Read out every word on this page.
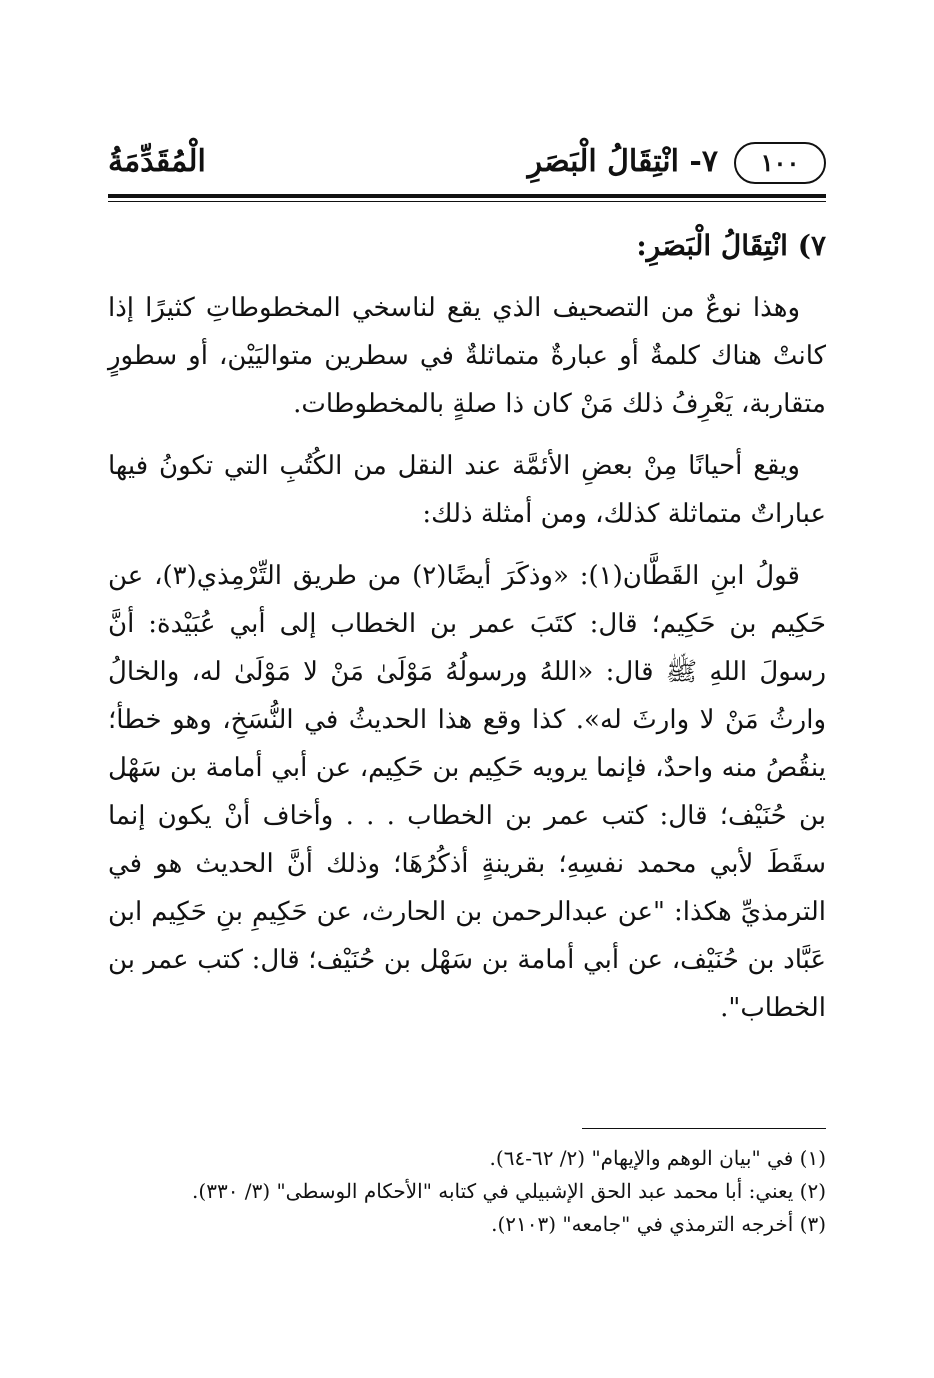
١٠٠
٧- انْتِقَالُ الْبَصَرِ
الْمُقَدِّمَةُ
٧) انْتِقَالُ الْبَصَرِ:

وهذا نوعٌ من التصحيف الذي يقع لناسخي المخطوطاتِ كثيرًا إذا كانتْ هناك كلمةٌ أو عبارةٌ متماثلةٌ في سطرين متواليَيْن، أو سطورٍ متقاربة، يَعْرِفُ ذلك مَنْ كان ذا صلةٍ بالمخطوطات.

ويقع أحيانًا مِنْ بعضِ الأئمَّة عند النقل من الكُتُبِ التي تكونُ فيها عباراتٌ متماثلة كذلك، ومن أمثلة ذلك:

قولُ ابنِ القَطَّان(١): «وذكَرَ أيضًا(٢) من طريق التِّرْمِذي(٣)، عن حَكِيم بن حَكِيم؛ قال: كتَبَ عمر بن الخطاب إلى أبي عُبَيْدة: أنَّ رسولَ اللهِ ﷺ قال: «اللهُ ورسولُهُ مَوْلَىٰ مَنْ لا مَوْلَىٰ له، والخالُ وارثُ مَنْ لا وارثَ له». كذا وقع هذا الحديثُ في النُّسَخِ، وهو خطأ؛ ينقُصُ منه واحدٌ، فإنما يرويه حَكِيم بن حَكِيم، عن أبي أمامة بن سَهْل بن حُنَيْف؛ قال: كتب عمر بن الخطاب . . . وأخاف أنْ يكون إنما سقَطَ لأبي محمد نفسِهِ؛ بقرينةٍ أذكُرُهَا؛ وذلك أنَّ الحديث هو في الترمذيِّ هكذا: "عن عبدالرحمن بن الحارث، عن حَكِيمِ بنِ حَكِيم ابن عَبَّاد بن حُنَيْف، عن أبي أمامة بن سَهْل بن حُنَيْف؛ قال: كتب عمر بن الخطاب".

(١) في "بيان الوهم والإيهام" (٢/ ٦٢-٦٤).
(٢) يعني: أبا محمد عبد الحق الإشبيلي في كتابه "الأحكام الوسطى" (٣/ ٣٣٠).
(٣) أخرجه الترمذي في "جامعه" (٢١٠٣).
